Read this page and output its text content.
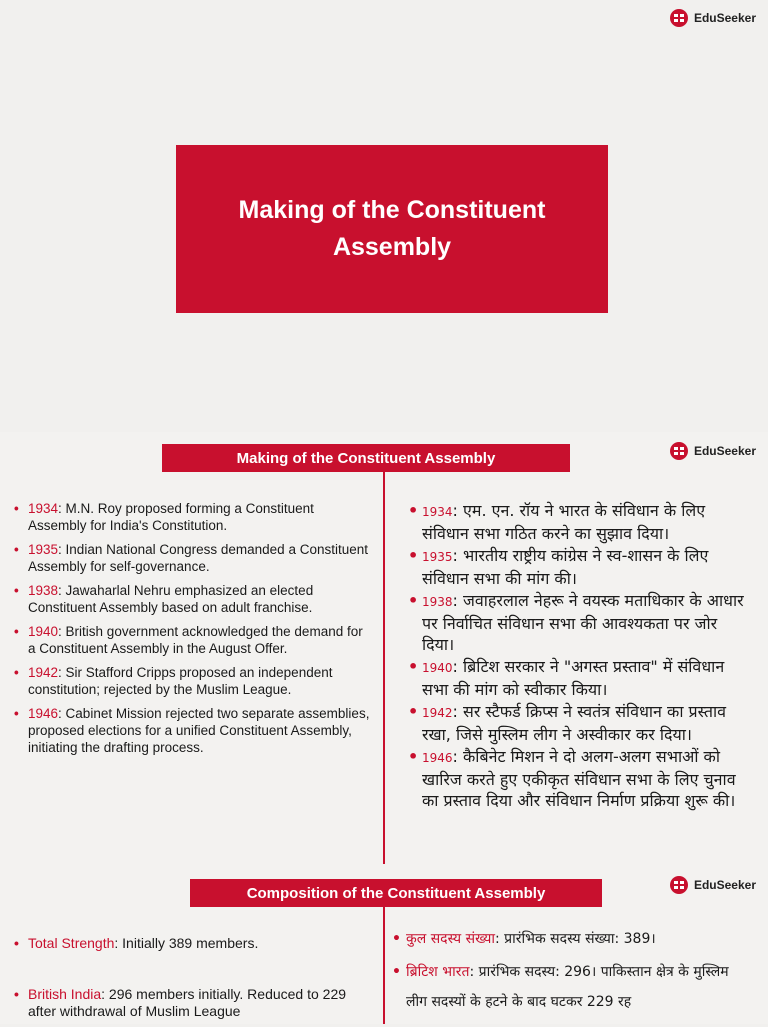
EduSeeker
Making of the Constituent Assembly
EduSeeker
Making of the Constituent Assembly
• 1934: M.N. Roy proposed forming a Constituent Assembly for India's Constitution.
• 1935: Indian National Congress demanded a Constituent Assembly for self-governance.
• 1938: Jawaharlal Nehru emphasized an elected Constituent Assembly based on adult franchise.
• 1940: British government acknowledged the demand for a Constituent Assembly in the August Offer.
• 1942: Sir Stafford Cripps proposed an independent constitution; rejected by the Muslim League.
• 1946: Cabinet Mission rejected two separate assemblies, proposed elections for a unified Constituent Assembly, initiating the drafting process.
• 1934: एम. एन. रॉय ने भारत के संविधान के लिए संविधान सभा गठित करने का सुझाव दिया।
• 1935: भारतीय राष्ट्रीय कांग्रेस ने स्व-शासन के लिए संविधान सभा की मांग की।
• 1938: जवाहरलाल नेहरू ने वयस्क मताधिकार के आधार पर निर्वाचित संविधान सभा की आवश्यकता पर जोर दिया।
• 1940: ब्रिटिश सरकार ने "अगस्त प्रस्ताव" में संविधान सभा की मांग को स्वीकार किया।
• 1942: सर स्टैफर्ड क्रिप्स ने स्वतंत्र संविधान का प्रस्ताव रखा, जिसे मुस्लिम लीग ने अस्वीकार कर दिया।
• 1946: कैबिनेट मिशन ने दो अलग-अलग सभाओं को खारिज करते हुए एकीकृत संविधान सभा के लिए चुनाव का प्रस्ताव दिया और संविधान निर्माण प्रक्रिया शुरू की।
EduSeeker
Composition of the Constituent Assembly
• Total Strength: Initially 389 members.
• British India: 296 members initially. Reduced to 229 after withdrawal of Muslim League
• कुल सदस्य संख्या: प्रारंभिक सदस्य संख्या: 389।
• ब्रिटिश भारत: प्रारंभिक सदस्य: 296। पाकिस्तान क्षेत्र के मुस्लिम लीग सदस्यों के हटने के बाद घटकर 229 रह
